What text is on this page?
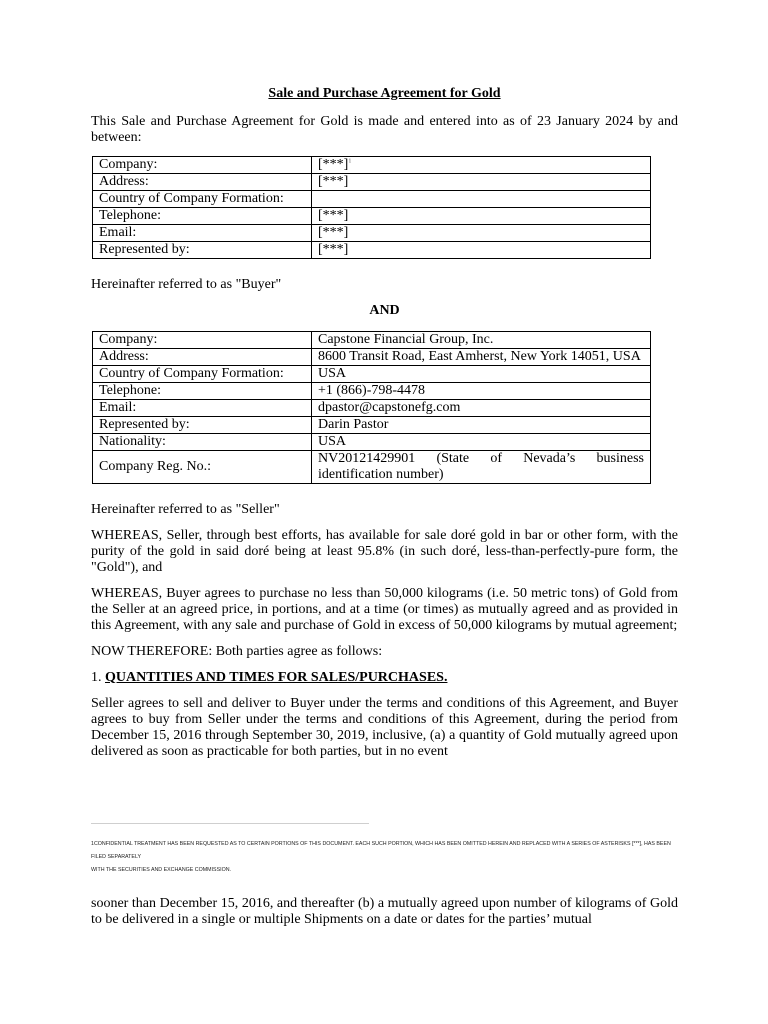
Sale and Purchase Agreement for Gold

This Sale and Purchase Agreement for Gold is made and entered into as of 23 January 2024 by and between:

Company:	[***]$^1$
Address:	[***]
Country of Company Formation:	
Telephone:	[***]
Email:	[***]
Represented by:	[***]

Hereinafter referred to as "Buyer"

AND
Company:	Capstone Financial Group, Inc.
Address:	8600 Transit Road, East Amherst, New York 14051, USA
Country of Company Formation:	USA
Telephone:	+1 (866)-798-4478
Email:	dpastor@capstonefg.com
Represented by:	Darin Pastor
Nationality:	USA
Company Reg. No.:	NV20121429901 (State of Nevada’s business identification number)

Hereinafter referred to as "Seller"

WHEREAS, Seller, through best efforts, has available for sale doré gold in bar or other form, with the purity of the gold in said doré being at least 95.8% (in such doré, less-than-perfectly-pure form, the "Gold"), and

WHEREAS, Buyer agrees to purchase no less than 50,000 kilograms (i.e. 50 metric tons) of Gold from the Seller at an agreed price, in portions, and at a time (or times) as mutually agreed and as provided in this Agreement, with any sale and purchase of Gold in excess of 50,000 kilograms by mutual agreement;

NOW THEREFORE: Both parties agree as follows:

1. QUANTITIES AND TIMES FOR SALES/PURCHASES.

Seller agrees to sell and deliver to Buyer under the terms and conditions of this Agreement, and Buyer agrees to buy from Seller under the terms and conditions of this Agreement, during the period from December 15, 2016 through September 30, 2019, inclusive, (a) a quantity of Gold mutually agreed upon delivered as soon as practicable for both parties, but in no event

1CONFIDENTIAL TREATMENT HAS BEEN REQUESTED AS TO CERTAIN PORTIONS OF THIS DOCUMENT. EACH SUCH PORTION, WHICH HAS BEEN OMITTED HEREIN AND REPLACED WITH A SERIES OF ASTERISKS [***], HAS BEEN FILED SEPARATELY
WITH THE SECURITIES AND EXCHANGE COMMISSION.
sooner than December 15, 2016, and thereafter (b) a mutually agreed upon number of kilograms of Gold to be delivered in a single or multiple Shipments on a date or dates for the parties’ mutual
